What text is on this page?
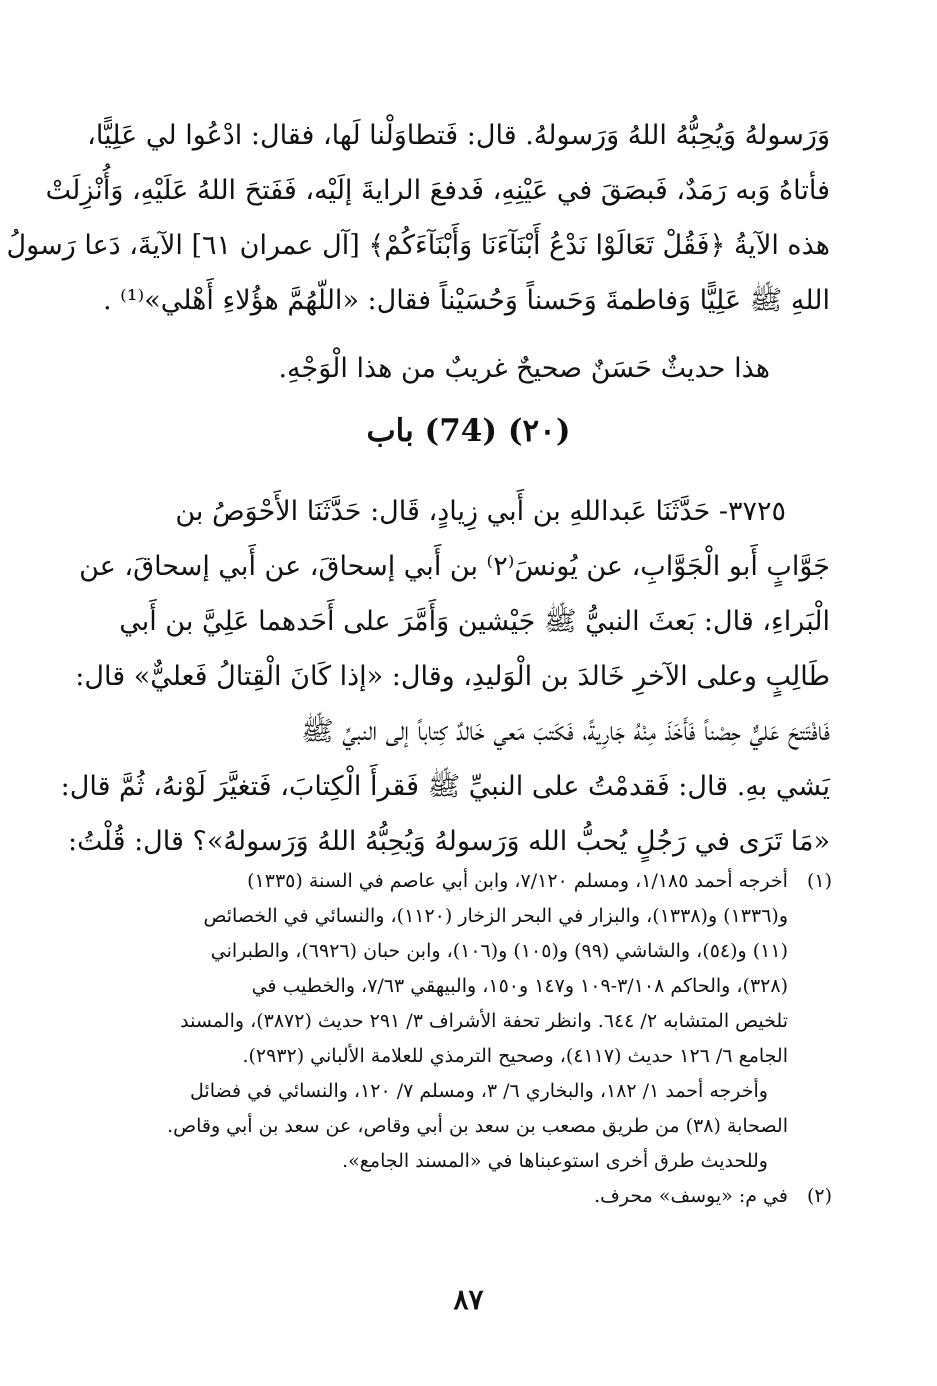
وَرَسولهُ وَيُحِبُّهُ اللهُ وَرَسولهُ. قال: فَتطاوَلْنا لَها، فقال: ادْعُوا لي عَلِيًّا،
فأتاهُ وَبه رَمَدٌ، فَبصَقَ في عَيْنِهِ، فَدفعَ الرايةَ إلَيْه، فَفَتحَ اللهُ عَلَيْهِ، وَأُنْزِلَتْ
هذه الآيةُ ﴿فَقُلْ تَعَالَوْا نَدْعُ أَبْنَآءَنَا وَأَبْنَآءَكُمْ﴾ [آل عمران ٦١] الآيةَ، دَعا رَسولُ
اللهِ ﷺ عَلِيًّا وَفاطمةَ وَحَسناً وَحُسَيْناً فقال: «اللّهُمَّ هؤُلاءِ أَهْلي»⁽¹⁾ .
هذا حديثٌ حَسَنٌ صحيحٌ غريبٌ من هذا الْوَجْهِ.
(٢٠) (74) باب
٣٧٢٥- حَدَّثَنَا عَبداللهِ بن أَبي زِيادٍ، قَال: حَدَّثَنَا الأَحْوَصُ بن
جَوَّابٍ أَبو الْجَوَّابِ، عن يُونسَ⁽٢⁾ بن أَبي إسحاقَ، عن أَبي إسحاقَ، عن
الْبَراءِ، قال: بَعثَ النبيُّ ﷺ جَيْشين وَأَمَّرَ على أَحَدهما عَلِيَّ بن أَبي
طَالِبٍ وعلى الآخرِ خَالدَ بن الْوَليدِ، وقال: «إذا كَانَ الْقِتالُ فَعليٌّ» قال:
فَافْتَتحَ عَليٌّ حِصْناً فَأَخَذَ مِنْهُ جَارِيةً، فَكَتبَ مَعي خَالدٌ كِتاباً إلى النبيِّ ﷺ
يَشي بهِ. قال: فَقدمْتُ على النبيِّ ﷺ فَقرأَ الْكِتابَ، فَتغيَّرَ لَوْنهُ، ثُمَّ قال:
«مَا تَرَى في رَجُلٍ يُحبُّ الله وَرَسولهُ وَيُحِبُّهُ اللهُ وَرَسولهُ»؟ قال: قُلْتُ:
(١) أخرجه أحمد ١/١٨٥، ومسلم ٧/١٢٠، وابن أبي عاصم في السنة (١٣٣٥)
و(١٣٣٦) و(١٣٣٨)، والبزار في البحر الزخار (١١٢٠)، والنسائي في الخصائص
(١١) و(٥٤)، والشاشي (٩٩) و(١٠٥) و(١٠٦)، وابن حبان (٦٩٢٦)، والطبراني
(٣٢٨)، والحاكم ٣/١٠٨-١٠٩ و١٤٧ و١٥٠، والبيهقي ٧/٦٣، والخطيب في
تلخيص المتشابه ٢/ ٦٤٤. وانظر تحفة الأشراف ٣/ ٢٩١ حديث (٣٨٧٢)، والمسند
الجامع ٦/ ١٢٦ حديث (٤١١٧)، وصحيح الترمذي للعلامة الألباني (٢٩٣٢).
وأخرجه أحمد ١/ ١٨٢، والبخاري ٦/ ٣، ومسلم ٧/ ١٢٠، والنسائي في فضائل
الصحابة (٣٨) من طريق مصعب بن سعد بن أبي وقاص، عن سعد بن أبي وقاص.
وللحديث طرق أخرى استوعبناها في «المسند الجامع».
(٢) في م: «يوسف» محرف.
٨٧
